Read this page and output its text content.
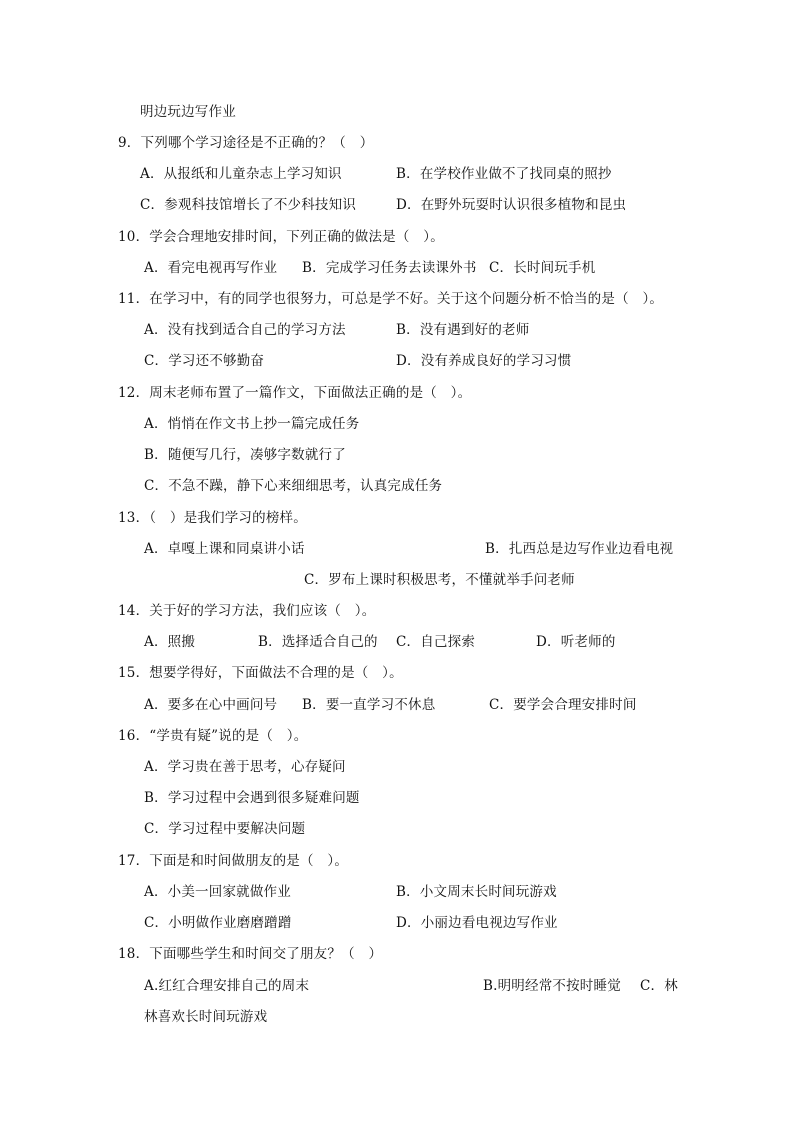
明边玩边写作业
9．下列哪个学习途径是不正确的？（　）
A．从报纸和儿童杂志上学习知识	B．在学校作业做不了找同桌的照抄
C．参观科技馆增长了不少科技知识	D．在野外玩耍时认识很多植物和昆虫
10．学会合理地安排时间，下列正确的做法是（　）。
A．看完电视再写作业 B．完成学习任务去读课外书 C．长时间玩手机
11．在学习中，有的同学也很努力，可总是学不好。关于这个问题分析不恰当的是（　）。
A．没有找到适合自己的学习方法	B．没有遇到好的老师
C．学习还不够勤奋	D．没有养成良好的学习习惯
12．周末老师布置了一篇作文，下面做法正确的是（　）。
A．悄悄在作文书上抄一篇完成任务
B．随便写几行，凑够字数就行了
C．不急不躁，静下心来细细思考，认真完成任务
13．（　）是我们学习的榜样。
A．卓嘎上课和同桌讲小话	B．扎西总是边写作业边看电视
C．罗布上课时积极思考，不懂就举手问老师
14．关于好的学习方法，我们应该（　）。
A．照搬	B．选择适合自己的 C．自己探索	D．听老师的
15．想要学得好，下面做法不合理的是（　）。
A．要多在心中画问号 B．要一直学习不休息	C．要学会合理安排时间
16．“学贵有疑”说的是（　）。
A．学习贵在善于思考，心存疑问
B．学习过程中会遇到很多疑难问题
C．学习过程中要解决问题
17．下面是和时间做朋友的是（　）。
A．小美一回家就做作业	B．小文周末长时间玩游戏
C．小明做作业磨磨蹭蹭	D．小丽边看电视边写作业
18．下面哪些学生和时间交了朋友？（　）
A.红红合理安排自己的周末	B.明明经常不按时睡觉 C．林
林喜欢长时间玩游戏
